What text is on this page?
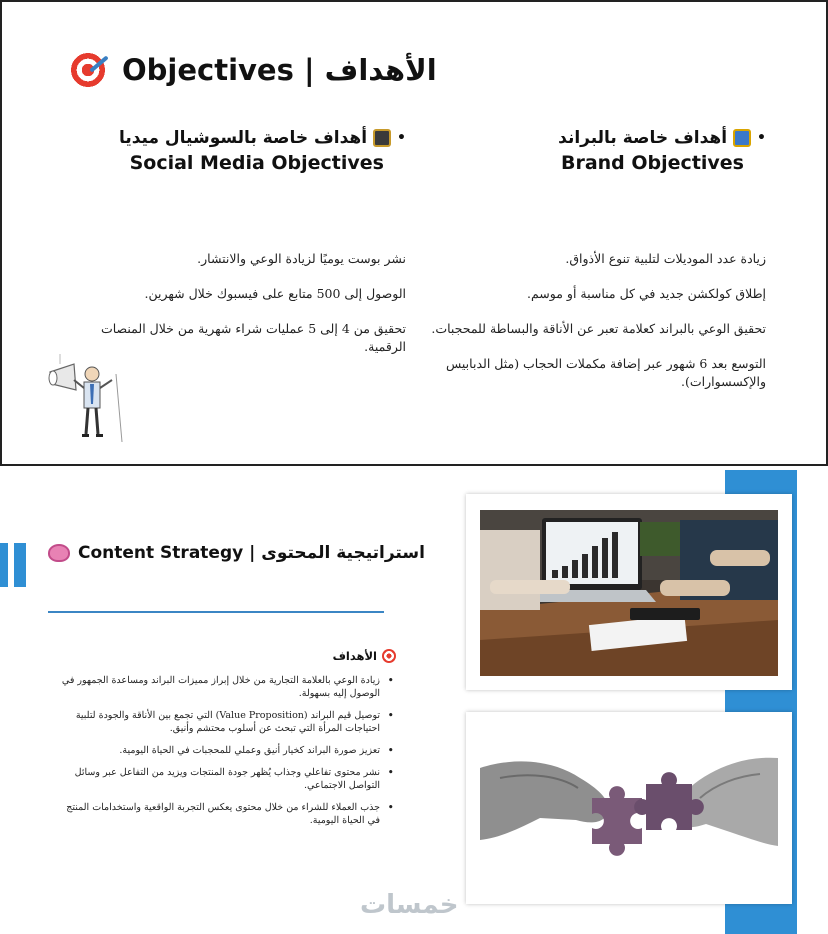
Objectives | الأهداف
•
أهداف خاصة بالبراند
Brand Objectives
•
أهداف خاصة بالسوشيال ميديا
Social Media Objectives

زيادة عدد الموديلات لتلبية تنوع الأذواق.

إطلاق كولكشن جديد في كل مناسبة أو موسم.

تحقيق الوعي بالبراند كعلامة تعبر عن الأناقة والبساطة للمحجبات.

التوسع بعد 6 شهور عبر إضافة مكملات الحجاب (مثل الدبابيس والإكسسوارات).

نشر بوست يوميًا لزيادة الوعي والانتشار.

الوصول إلى 500 متابع على فيسبوك خلال شهرين.

تحقيق من 4 إلى 5 عمليات شراء شهرية من خلال المنصات الرقمية.

Content Strategy | استراتيجية المحتوى
الأهداف
• زيادة الوعي بالعلامة التجارية من خلال إبراز مميزات البراند ومساعدة الجمهور في الوصول إليه بسهولة.
• توصيل قيم البراند (Value Proposition) التي تجمع بين الأناقة والجودة لتلبية احتياجات المرأة التي تبحث عن أسلوب محتشم وأنيق.
• تعزيز صورة البراند كخيار أنيق وعملي للمحجبات في الحياة اليومية.
• نشر محتوى تفاعلي وجذاب يُظهر جودة المنتجات ويزيد من التفاعل عبر وسائل التواصل الاجتماعي.
• جذب العملاء للشراء من خلال محتوى يعكس التجربة الواقعية واستخدامات المنتج في الحياة اليومية.
خمسات
